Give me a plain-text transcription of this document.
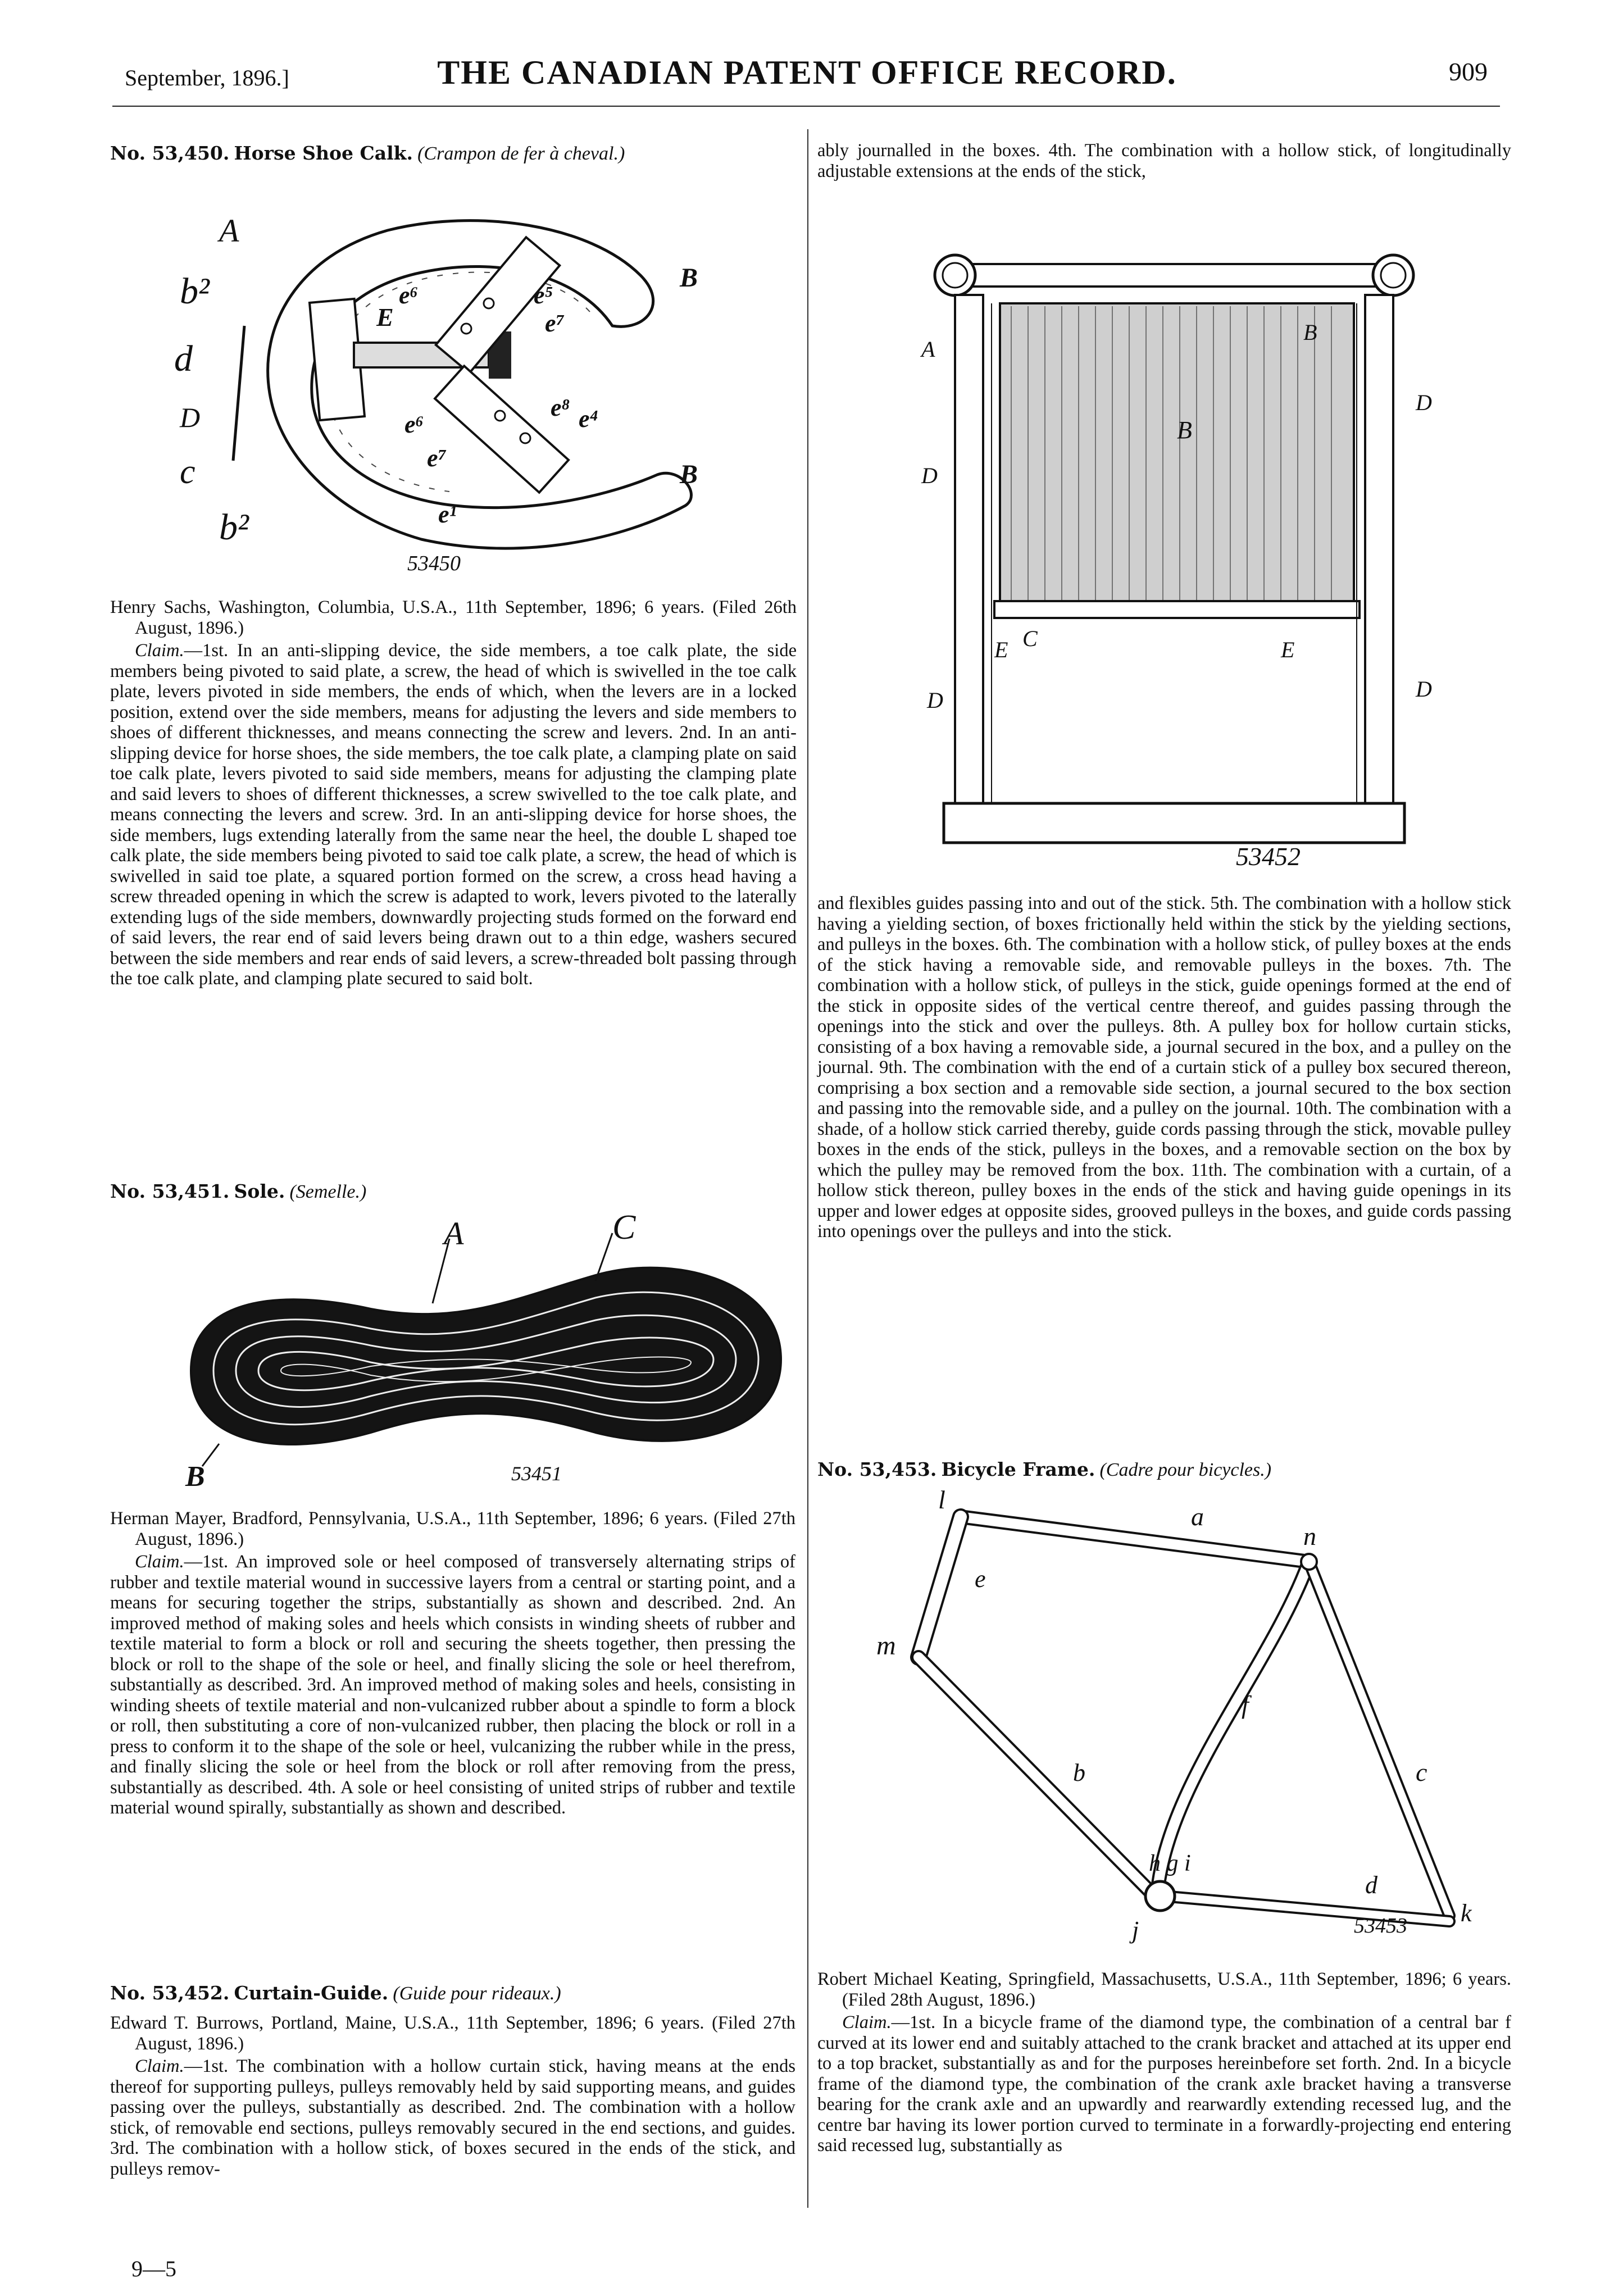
September, 1896.]	THE CANADIAN PATENT OFFICE RECORD.	909
No. 53,450. Horse Shoe Calk. (Crampon de fer à cheval.)
A
B
B
b²
d
D
c
b²
E
e⁶	e⁵
e⁷
e⁸ e⁴
e⁶
e⁷
e¹
53450

Henry Sachs, Washington, Columbia, U.S.A., 11th September, 1896; 6 years. (Filed 26th August, 1896.)

Claim.—1st. In an anti-slipping device, the side members, a toe calk plate, the side members being pivoted to said plate, a screw, the head of which is swivelled in the toe calk plate, levers pivoted in side members, the ends of which, when the levers are in a locked position, extend over the side members, means for adjusting the levers and side members to shoes of different thicknesses, and means connecting the screw and levers. 2nd. In an anti-slipping device for horse shoes, the side members, the toe calk plate, a clamping plate on said toe calk plate, levers pivoted to said side members, means for adjusting the clamping plate and said levers to shoes of different thicknesses, a screw swivelled to the toe calk plate, and means connecting the levers and screw. 3rd. In an anti-slipping device for horse shoes, the side members, lugs extending laterally from the same near the heel, the double L shaped toe calk plate, the side members being pivoted to said toe calk plate, a screw, the head of which is swivelled in said toe plate, a squared portion formed on the screw, a cross head having a screw threaded opening in which the screw is adapted to work, levers pivoted to the laterally extending lugs of the side members, downwardly projecting studs formed on the forward end of said levers, the rear end of said levers being drawn out to a thin edge, washers secured between the side members and rear ends of said levers, a screw-threaded bolt passing through the toe calk plate, and clamping plate secured to said bolt.

No. 53,451. Sole. (Semelle.)
A	C
B	53451

Herman Mayer, Bradford, Pennsylvania, U.S.A., 11th September, 1896; 6 years. (Filed 27th August, 1896.)

Claim.—1st. An improved sole or heel composed of transversely alternating strips of rubber and textile material wound in successive layers from a central or starting point, and a means for securing together the strips, substantially as shown and described. 2nd. An improved method of making soles and heels which consists in winding sheets of rubber and textile material to form a block or roll and securing the sheets together, then pressing the block or roll to the shape of the sole or heel, and finally slicing the sole or heel therefrom, substantially as described. 3rd. An improved method of making soles and heels, consisting in winding sheets of textile material and non-vulcanized rubber about a spindle to form a block or roll, then substituting a core of non-vulcanized rubber, then placing the block or roll in a press to conform it to the shape of the sole or heel, vulcanizing the rubber while in the press, and finally slicing the sole or heel from the block or roll after removing from the press, substantially as described. 4th. A sole or heel consisting of united strips of rubber and textile material wound spirally, substantially as shown and described.

No. 53,452. Curtain-Guide. (Guide pour rideaux.)

Edward T. Burrows, Portland, Maine, U.S.A., 11th September, 1896; 6 years. (Filed 27th August, 1896.)

Claim.—1st. The combination with a hollow curtain stick, having means at the ends thereof for supporting pulleys, pulleys removably held by said supporting means, and guides passing over the pulleys, substantially as described. 2nd. The combination with a hollow stick, of removable end sections, pulleys removably secured in the end sections, and guides. 3rd. The combination with a hollow stick, of boxes secured in the ends of the stick, and pulleys remov-

9—5

ably journalled in the boxes. 4th. The combination with a hollow stick, of longitudinally adjustable extensions at the ends of the stick,

A
B
B
D
D
D
D
E	E
C
53452

and flexibles guides passing into and out of the stick. 5th. The combination with a hollow stick having a yielding section, of boxes frictionally held within the stick by the yielding sections, and pulleys in the boxes. 6th. The combination with a hollow stick, of pulley boxes at the ends of the stick having a removable side, and removable pulleys in the boxes. 7th. The combination with a hollow stick, of pulleys in the stick, guide openings formed at the end of the stick in opposite sides of the vertical centre thereof, and guides passing through the openings into the stick and over the pulleys. 8th. A pulley box for hollow curtain sticks, consisting of a box having a removable side, a journal secured in the box, and a pulley on the journal. 9th. The combination with the end of a curtain stick of a pulley box secured thereon, comprising a box section and a removable side section, a journal secured to the box section and passing into the removable side, and a pulley on the journal. 10th. The combination with a shade, of a hollow stick carried thereby, guide cords passing through the stick, movable pulley boxes in the ends of the stick, pulleys in the boxes, and a removable section on the box by which the pulley may be removed from the box. 11th. The combination with a curtain, of a hollow stick thereon, pulley boxes in the ends of the stick and having guide openings in its upper and lower edges at opposite sides, grooved pulleys in the boxes, and guide cords passing into openings over the pulleys and into the stick.

No. 53,453. Bicycle Frame. (Cadre pour bicycles.)
l
a
n
e
m
f
b	c
h g i
d
j
k
53453

Robert Michael Keating, Springfield, Massachusetts, U.S.A., 11th September, 1896; 6 years. (Filed 28th August, 1896.)

Claim.—1st. In a bicycle frame of the diamond type, the combination of a central bar f curved at its lower end and suitably attached to the crank bracket and attached at its upper end to a top bracket, substantially as and for the purposes hereinbefore set forth. 2nd. In a bicycle frame of the diamond type, the combination of the crank axle bracket having a transverse bearing for the crank axle and an upwardly and rearwardly extending recessed lug, and the centre bar having its lower portion curved to terminate in a forwardly-projecting end entering said recessed lug, substantially as
